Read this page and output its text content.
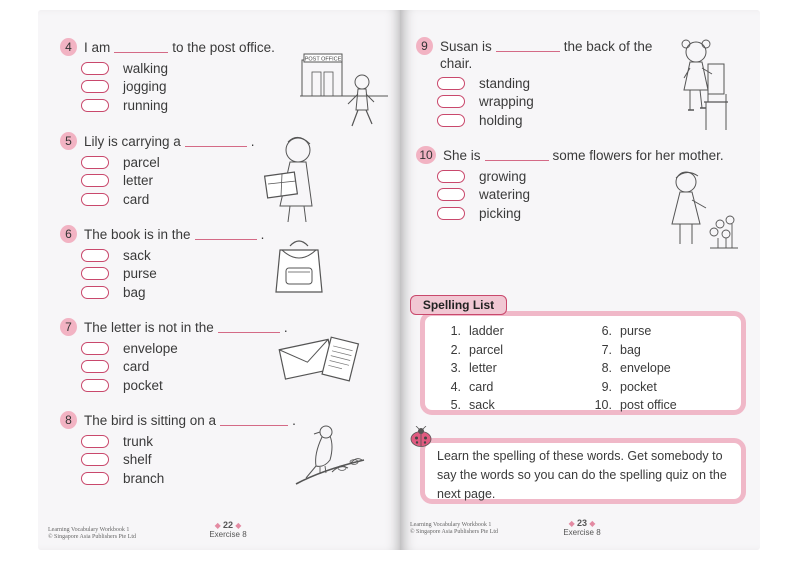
4 I am	to the post office.
walking
jogging
running
POST OFFICE
5 Lily is carrying a	.
parcel
letter
card
6 The book is in the	.
sack
purse
bag
7 The letter is not in the	.
envelope
card
pocket
8 The bird is sitting on a	.
trunk
shelf
branch
Learning Vocabulary Workbook 1
© Singapore Asia Publishers Pte Ltd
◆ 22 ◆
Exercise 8
9 Susan is	the back of the
chair.
standing
wrapping
holding
10 She is	some flowers for her mother.
growing
watering
picking
1. ladder
2. parcel
3. letter
4. card
5. sack
6. purse
7. bag
8. envelope
9. pocket
10. post office
Spelling List
Learn the spelling of these words. Get somebody to say the words so you can do the spelling quiz on the next page.
Learning Vocabulary Workbook 1
© Singapore Asia Publishers Pte Ltd
◆ 23 ◆
Exercise 8
